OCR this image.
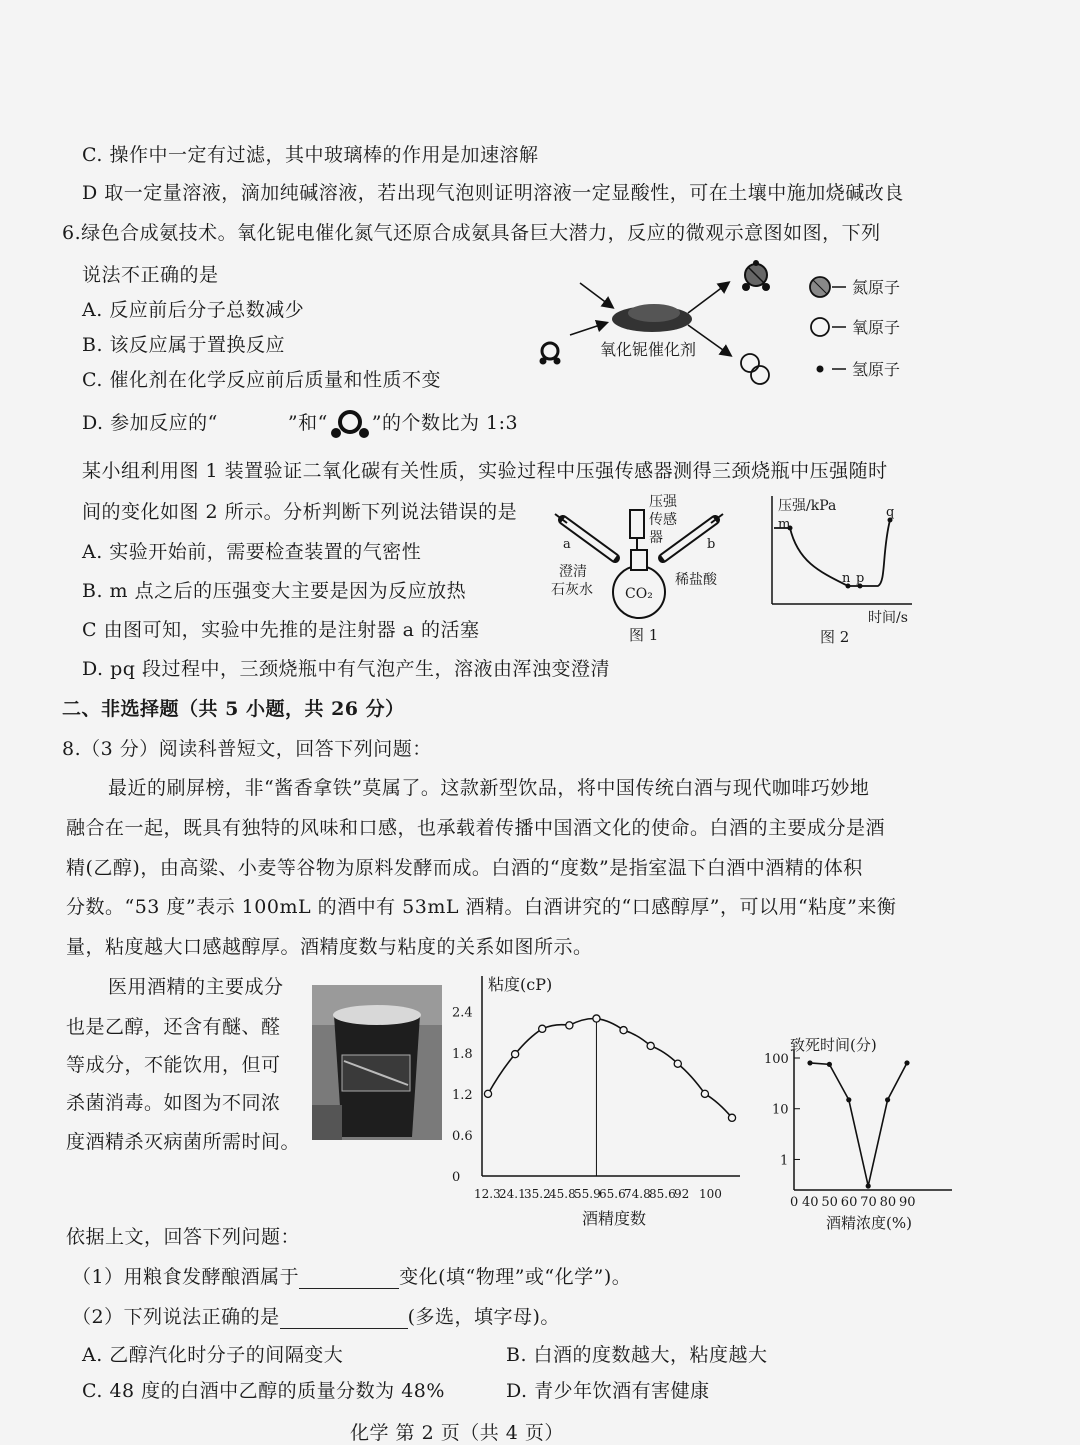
C. 操作中一定有过滤，其中玻璃棒的作用是加速溶解
D 取一定量溶液，滴加纯碱溶液，若出现气泡则证明溶液一定显酸性，可在土壤中施加烧碱改良
6.绿色合成氨技术。氧化铌电催化氮气还原合成氨具备巨大潜力，反应的微观示意图如图，下列
说法不正确的是
A. 反应前后分子总数减少
B. 该反应属于置换反应
C. 催化剂在化学反应前后质量和性质不变
D. 参加反应的“	”和“ ”的个数比为 1:3
氧化铌催化剂
氮原子
氧原子
氢原子
某小组利用图 1 装置验证二氧化碳有关性质，实验过程中压强传感器测得三颈烧瓶中压强随时
间的变化如图 2 所示。分析判断下列说法错误的是
A. 实验开始前，需要检查装置的气密性
B. m 点之后的压强变大主要是因为反应放热
C 由图可知，实验中先推的是注射器 a 的活塞
D. pq 段过程中，三颈烧瓶中有气泡产生，溶液由浑浊变澄清
a	b
CO₂
澄清
石灰水
稀盐酸
压强
传感
器
图 1
压强/kPa
时间/s
m
n p
q
图 2
二、非选择题（共 5 小题，共 26 分）
8.（3 分）阅读科普短文，回答下列问题：
最近的刷屏榜，非“酱香拿铁”莫属了。这款新型饮品，将中国传统白酒与现代咖啡巧妙地
融合在一起，既具有独特的风味和口感，也承载着传播中国酒文化的使命。白酒的主要成分是酒
精(乙醇)，由高粱、小麦等谷物为原料发酵而成。白酒的“度数”是指室温下白酒中酒精的体积
分数。“53 度”表示 100mL 的酒中有 53mL 酒精。白酒讲究的“口感醇厚”，可以用“粘度”来衡
量，粘度越大口感越醇厚。酒精度数与粘度的关系如图所示。
医用酒精的主要成分
也是乙醇，还含有醚、醛
等成分，不能饮用，但可
杀菌消毒。如图为不同浓
度酒精杀灭病菌所需时间。
粘度(cP)
0
0.6
1.2
1.8
2.4
12.3
24.1
35.2
45.8
55.9
65.6
74.8
85.6
92 100
酒精度数
致死时间(分)
1
10
100
0 40 50 60 70 80 90
酒精浓度(%)
依据上文，回答下列问题：
（1）用粮食发酵酿酒属于	变化(填“物理”或“化学”)。
（2）下列说法正确的是	(多选，填字母)。
A. 乙醇汽化时分子的间隔变大	B. 白酒的度数越大，粘度越大
C. 48 度的白酒中乙醇的质量分数为 48%	D. 青少年饮酒有害健康
化学 第 2 页（共 4 页）
